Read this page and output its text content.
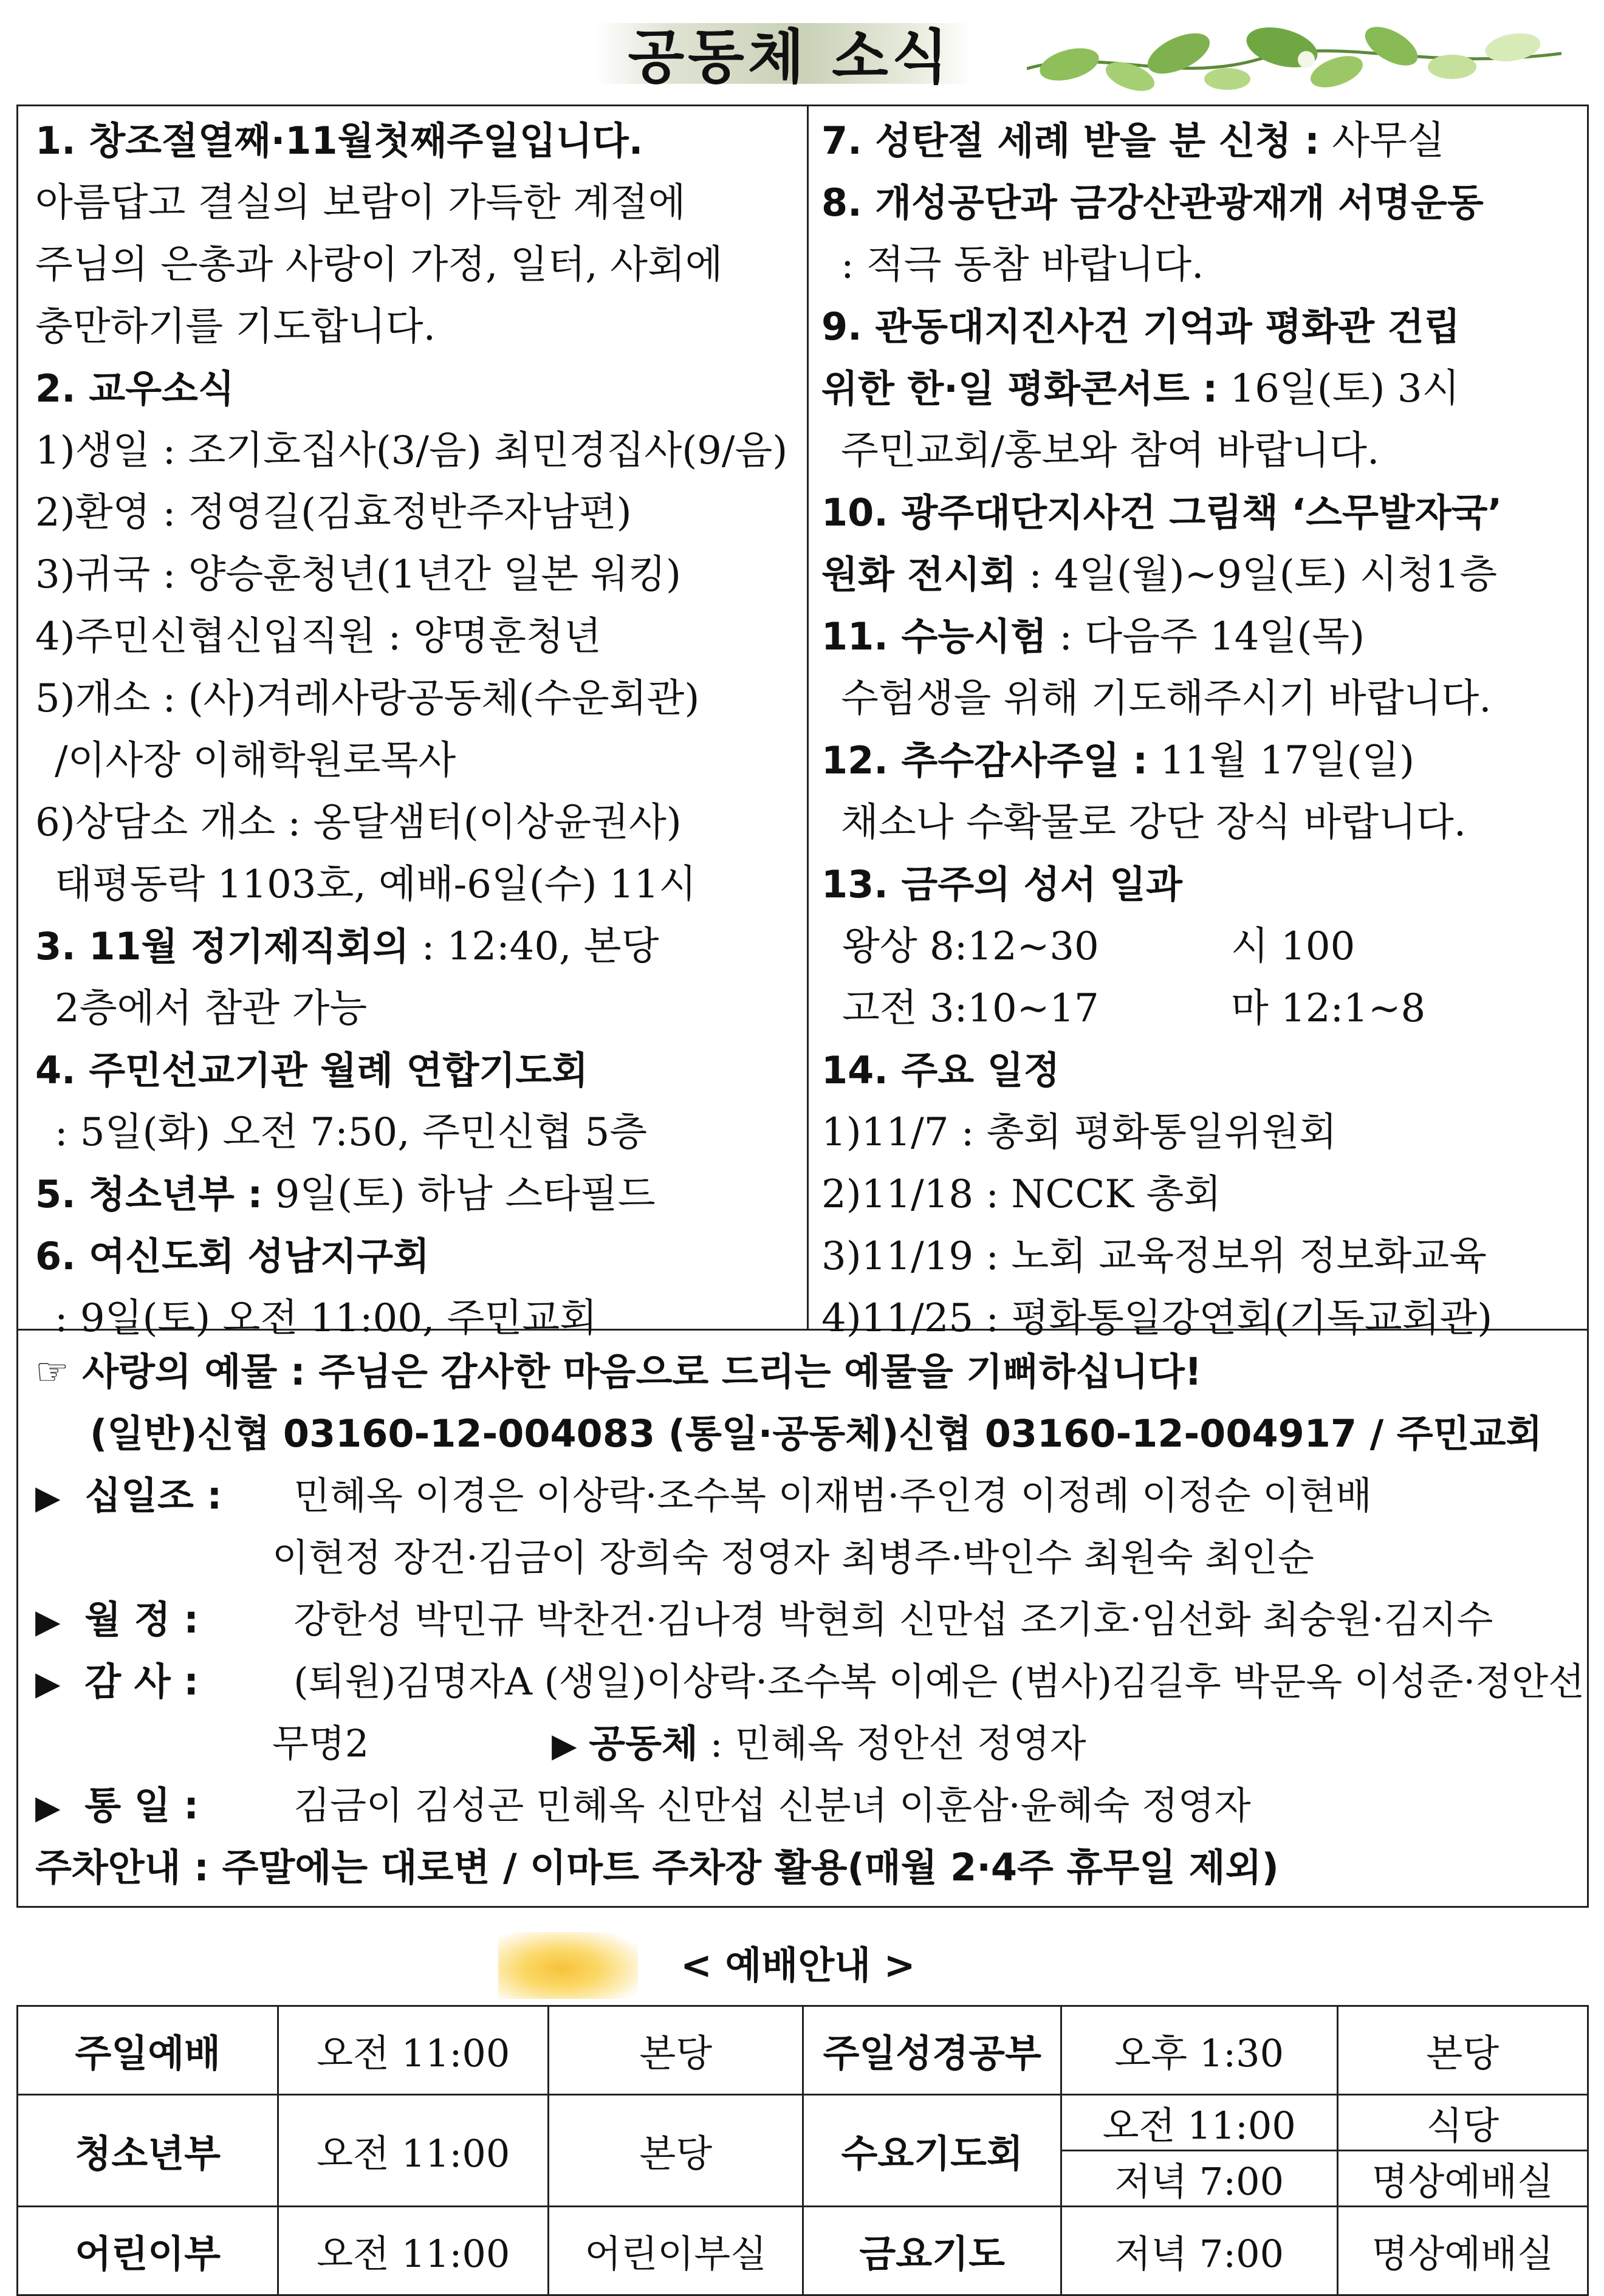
공동체 소식
1. 창조절열째·11월첫째주일입니다.
아름답고 결실의 보람이 가득한 계절에
주님의 은총과 사랑이 가정, 일터, 사회에
충만하기를 기도합니다.
2. 교우소식
1)생일 : 조기호집사(3/음) 최민경집사(9/음)
2)환영 : 정영길(김효정반주자남편)
3)귀국 : 양승훈청년(1년간 일본 워킹)
4)주민신협신입직원 : 양명훈청년
5)개소 : (사)겨레사랑공동체(수운회관)
/이사장 이해학원로목사
6)상담소 개소 : 옹달샘터(이상윤권사)
태평동락 1103호, 예배-6일(수) 11시
3. 11월 정기제직회의 : 12:40, 본당
2층에서 참관 가능
4. 주민선교기관 월례 연합기도회
: 5일(화) 오전 7:50, 주민신협 5층
5. 청소년부 : 9일(토) 하남 스타필드
6. 여신도회 성남지구회
: 9일(토) 오전 11:00, 주민교회
7. 성탄절 세례 받을 분 신청 : 사무실
8. 개성공단과 금강산관광재개 서명운동
: 적극 동참 바랍니다.
9. 관동대지진사건 기억과 평화관 건립
위한 한·일 평화콘서트 : 16일(토) 3시
주민교회/홍보와 참여 바랍니다.
10. 광주대단지사건 그림책 ‘스무발자국’
원화 전시회 : 4일(월)~9일(토) 시청1층
11. 수능시험 : 다음주 14일(목)
수험생을 위해 기도해주시기 바랍니다.
12. 추수감사주일 : 11월 17일(일)
채소나 수확물로 강단 장식 바랍니다.
13. 금주의 성서 일과
왕상 8:12~30	시 100
고전 3:10~17	마 12:1~8
14. 주요 일정
1)11/7 : 총회 평화통일위원회
2)11/18 : NCCK 총회
3)11/19 : 노회 교육정보위 정보화교육
4)11/25 : 평화통일강연회(기독교회관)
☞ 사랑의 예물 : 주님은 감사한 마음으로 드리는 예물을 기뻐하십니다!
(일반)신협 03160-12-004083 (통일·공동체)신협 03160-12-004917 / 주민교회
▶ 십일조 : 민혜옥 이경은 이상락·조수복 이재범·주인경 이정례 이정순 이현배
이현정 장건·김금이 장희숙 정영자 최병주·박인수 최원숙 최인순
▶ 월 정 :	강한성 박민규 박찬건·김나경 박현희 신만섭 조기호·임선화 최숭원·김지수
▶ 감 사 :	(퇴원)김명자A (생일)이상락·조수복 이예은 (범사)김길후 박문옥 이성준·정안선
무명2	▶ 공동체 : 민혜옥 정안선 정영자
▶ 통 일 :	김금이 김성곤 민혜옥 신만섭 신분녀 이훈삼·윤혜숙 정영자
주차안내 : 주말에는 대로변 / 이마트 주차장 활용(매월 2·4주 휴무일 제외)
< 예배안내 >
주일예배	오전 11:00	본당	주일성경공부	오후 1:30	본당
청소년부	오전 11:00	본당	수요기도회	오전 11:00	식당
				저녁 7:00	명상예배실
어린이부	오전 11:00	어린이부실	금요기도	저녁 7:00	명상예배실
